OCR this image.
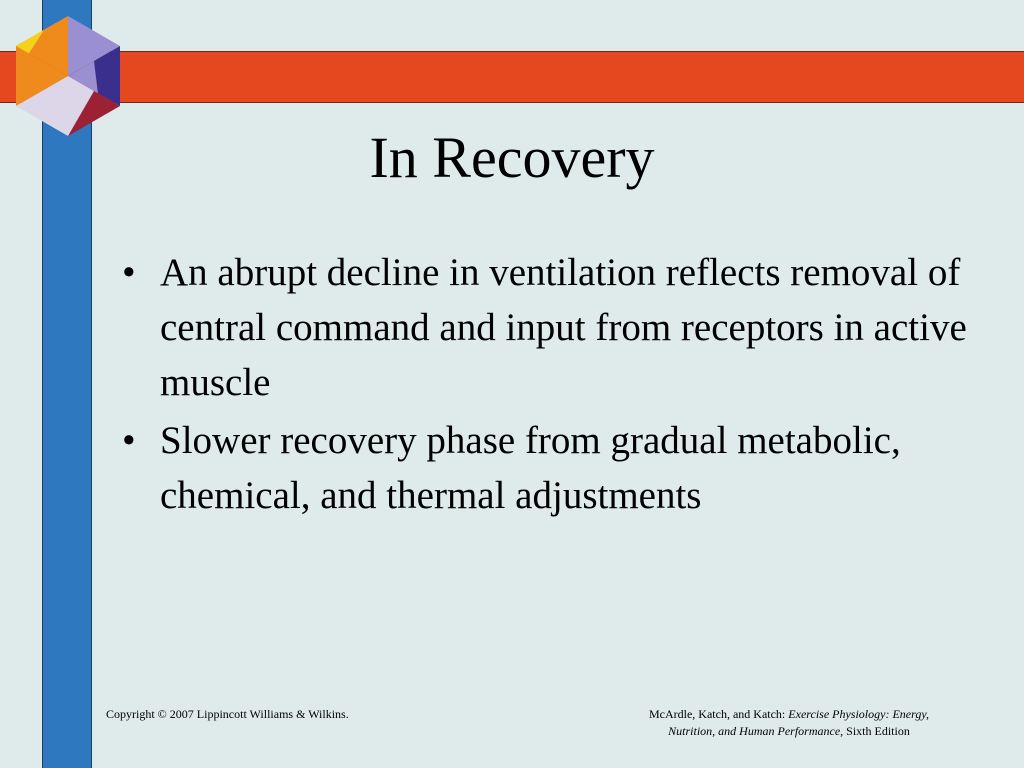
In Recovery
• An abrupt decline in ventilation reflects removal of central command and input from receptors in active muscle
• Slower recovery phase from gradual metabolic, chemical, and thermal adjustments
Copyright © 2007 Lippincott Williams & Wilkins.	McArdle, Katch, and Katch: Exercise Physiology: Energy,
Nutrition, and Human Performance, Sixth Edition
